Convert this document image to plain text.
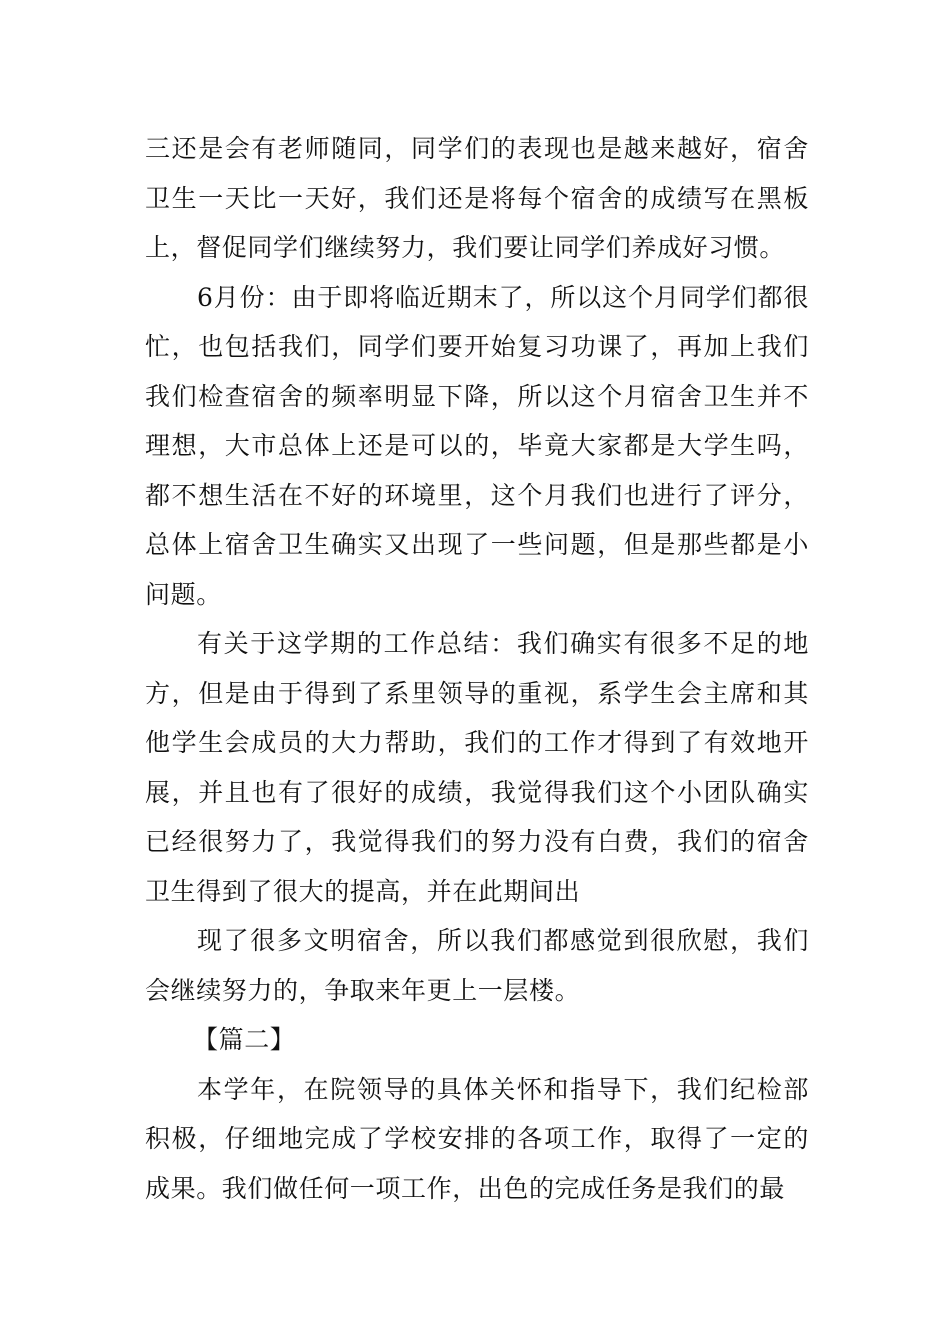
三还是会有老师随同，同学们的表现也是越来越好，宿舍卫生一天比一天好，我们还是将每个宿舍的成绩写在黑板上，督促同学们继续努力，我们要让同学们养成好习惯。

6月份：由于即将临近期末了，所以这个月同学们都很忙，也包括我们，同学们要开始复习功课了，再加上我们我们检查宿舍的频率明显下降，所以这个月宿舍卫生并不理想，大市总体上还是可以的，毕竟大家都是大学生吗，都不想生活在不好的环境里，这个月我们也进行了评分，总体上宿舍卫生确实又出现了一些问题，但是那些都是小问题。

有关于这学期的工作总结：我们确实有很多不足的地方，但是由于得到了系里领导的重视，系学生会主席和其他学生会成员的大力帮助，我们的工作才得到了有效地开展，并且也有了很好的成绩，我觉得我们这个小团队确实已经很努力了，我觉得我们的努力没有白费，我们的宿舍卫生得到了很大的提高，并在此期间出

现了很多文明宿舍，所以我们都感觉到很欣慰，我们会继续努力的，争取来年更上一层楼。

【篇二】

本学年，在院领导的具体关怀和指导下，我们纪检部积极，仔细地完成了学校安排的各项工作，取得了一定的成果。我们做任何一项工作，出色的完成任务是我们的最
